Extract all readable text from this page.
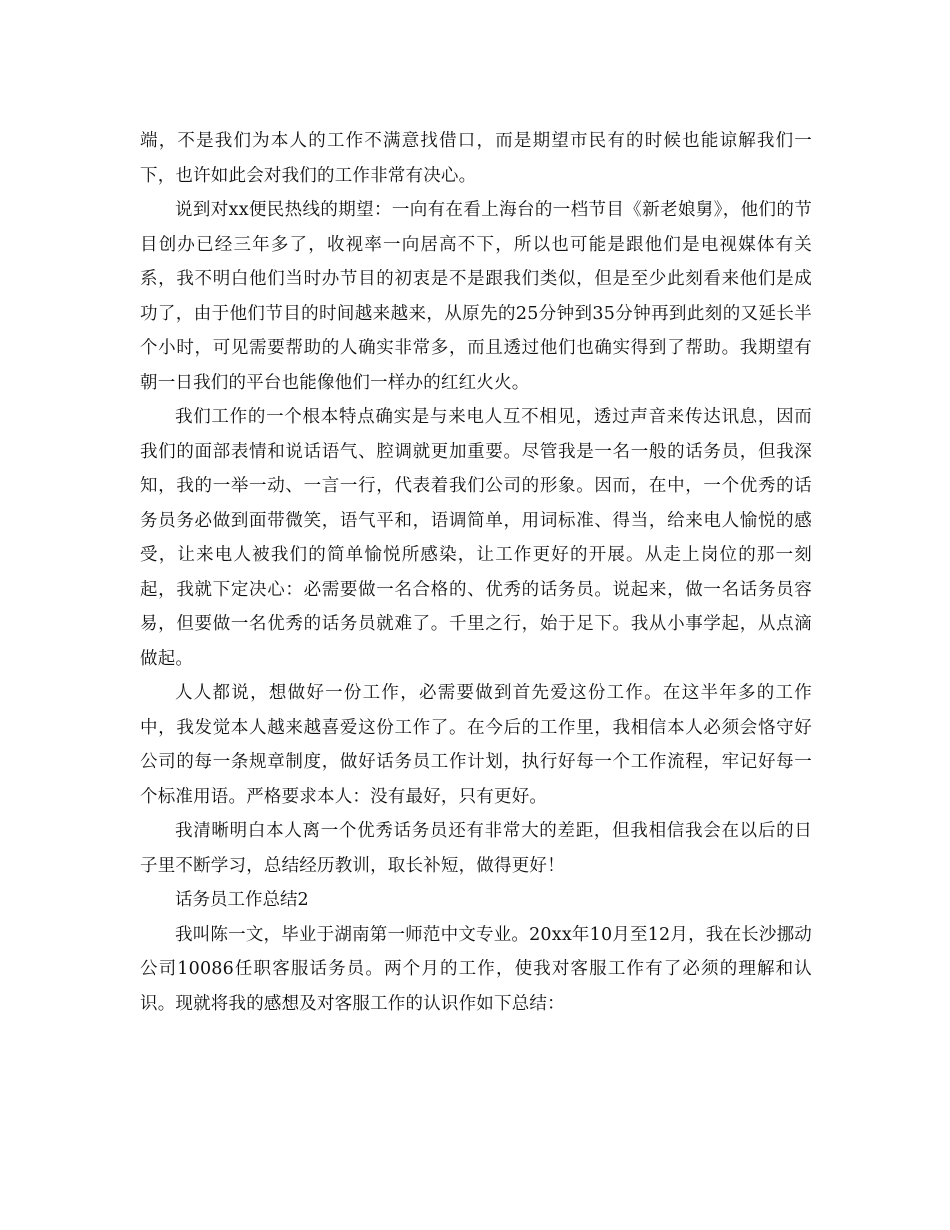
端，不是我们为本人的工作不满意找借口，而是期望市民有的时候也能谅解我们一下，也许如此会对我们的工作非常有决心。

说到对xx便民热线的期望：一向有在看上海台的一档节目《新老娘舅》，他们的节目创办已经三年多了，收视率一向居高不下，所以也可能是跟他们是电视媒体有关系，我不明白他们当时办节目的初衷是不是跟我们类似，但是至少此刻看来他们是成功了，由于他们节目的时间越来越来，从原先的25分钟到35分钟再到此刻的又延长半个小时，可见需要帮助的人确实非常多，而且透过他们也确实得到了帮助。我期望有朝一日我们的平台也能像他们一样办的红红火火。

我们工作的一个根本特点确实是与来电人互不相见，透过声音来传达讯息，因而我们的面部表情和说话语气、腔调就更加重要。尽管我是一名一般的话务员，但我深知，我的一举一动、一言一行，代表着我们公司的形象。因而，在中，一个优秀的话务员务必做到面带微笑，语气平和，语调简单，用词标准、得当，给来电人愉悦的感受，让来电人被我们的简单愉悦所感染，让工作更好的开展。从走上岗位的那一刻起，我就下定决心：必需要做一名合格的、优秀的话务员。说起来，做一名话务员容易，但要做一名优秀的话务员就难了。千里之行，始于足下。我从小事学起，从点滴做起。

人人都说，想做好一份工作，必需要做到首先爱这份工作。在这半年多的工作中，我发觉本人越来越喜爱这份工作了。在今后的工作里，我相信本人必须会恪守好公司的每一条规章制度，做好话务员工作计划，执行好每一个工作流程，牢记好每一个标准用语。严格要求本人：没有最好，只有更好。

我清晰明白本人离一个优秀话务员还有非常大的差距，但我相信我会在以后的日子里不断学习，总结经历教训，取长补短，做得更好！

话务员工作总结2

我叫陈一文，毕业于湖南第一师范中文专业。20xx年10月至12月，我在长沙挪动公司10086任职客服话务员。两个月的工作，使我对客服工作有了必须的理解和认识。现就将我的感想及对客服工作的认识作如下总结：
